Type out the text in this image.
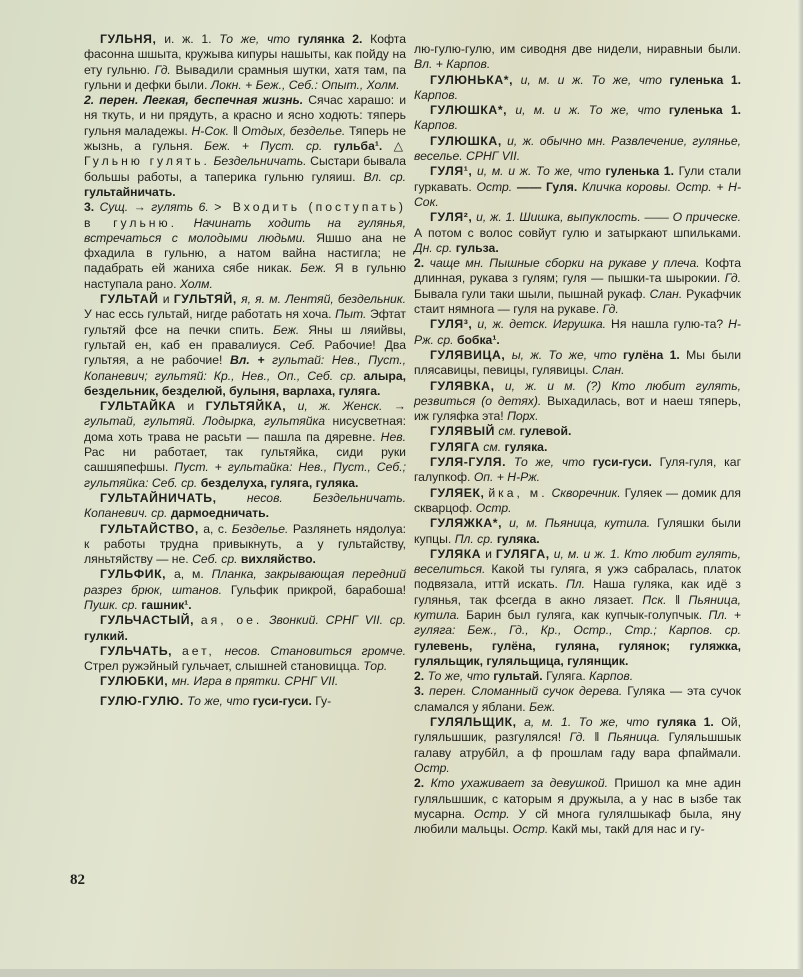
ГУЛЬНЯ, и. ж. 1. То же, что гулянка 2. Кофта фасонна шшыта, кружыва кипуры нашыты, как пойду на ету гульню. Гд. Вывадили срамныя шутки, хатя там, па гульни и дефки были. Локн. + Беж., Себ.: Опыт., Холм.

2. перен. Легкая, беспечная жизнь. Сячас харашо: и ня ткуть, и ни прядуть, а красно и ясно ходють: тяперь гульня маладежы. Н-Сок. ‖ Отдых, безделье. Тяперь не жызнь, а гульня. Беж. + Пуст. ср. гульба¹. △ Гульню гулять. Бездельничать. Сыстари бывала большы работы, а таперика гульню гуляиш. Вл. ср. гультайничать.

3. Сущ. → гулять 6. > Входить (поступать) в гульню. Начинать ходить на гулянья, встречаться с молодыми людьми. Яшшо ана не фхадила в гульню, а натом вайна настигла; не падабрать ей жаниха сябе никак. Беж. Я в гульню наступала рано. Холм.

ГУЛЬТАЙ и ГУЛЬТЯЙ, я, я. м. Лентяй, бездельник. У нас ессь гультай, нигде работать ня хоча. Пыт. Эфтат гультяй фсе на печки спить. Беж. Яны ш ляийвы, гультай ен, каб ен правалиуся. Себ. Рабочие! Два гультяя, а не рабочие! Вл. + гультай: Нев., Пуст., Копаневич; гультяй: Кр., Нев., Оп., Себ. ср. алыра, бездельник, безделюй, булыня, варлаха, гуляга.

ГУЛЬТАЙКА и ГУЛЬТЯЙКА, и, ж. Женск. → гультай, гультяй. Лодырка, гультяйка нисусветная: дома хоть трава не расьти — пашла па дяревне. Нев. Рас ни работает, так гультяйка, сиди руки сашшяпефшы. Пуст. + гультайка: Нев., Пуст., Себ.; гультяйка: Себ. ср. безделуха, гуляга, гуляка.

ГУЛЬТАЙНИЧАТЬ, несов. Бездельничать. Копаневич. ср. дармоедничать.

ГУЛЬТАЙСТВО, а, с. Безделье. Разлянеть нядолуа: к работы трудна привыкнуть, а у гультайству, ляньтяйству — не. Себ. ср. вихляйство.

ГУЛЬФИК, а, м. Планка, закрывающая передний разрез брюк, штанов. Гульфик прикрой, барабоша! Пушк. ср. гашник¹.

ГУЛЬЧАСТЫЙ, ая, ое. Звонкий. СРНГ VII. ср. гулкий.

ГУЛЬЧАТЬ, ает, несов. Становиться громче. Стрел ружэйный гульчает, слышней становицца. Тор.

ГУЛЮБКИ, мн. Игра в прятки. СРНГ VII.

ГУЛЮ-ГУЛЮ. То же, что гуси-гуси. Гу-

лю-гулю-гулю, им сиводня две нидели, ниравныи были. Вл. + Карпов.

ГУЛЮНЬКА*, и, м. и ж. То же, что гуленька 1. Карпов.

ГУЛЮШКА*, и, м. и ж. То же, что гуленька 1. Карпов.

ГУЛЮШКА, и, ж. обычно мн. Развлечение, гулянье, веселье. СРНГ VII.

ГУЛЯ¹, и, м. и ж. То же, что гуленька 1. Гули стали гуркавать. Остр. —— Гуля. Кличка коровы. Остр. + Н-Сок.

ГУЛЯ², и, ж. 1. Шишка, выпуклость. —— О прическе. А потом с волос совйут гулю и затыркают шпильками. Дн. ср. гульза.
2. чаще мн. Пышные сборки на рукаве у плеча. Кофта длинная, рукава з гулям; гуля — пышки-та шырокии. Гд. Бывала гули таки шыли, пышнай рукаф. Слан. Рукафчик стаит нямнога — гуля на рукаве. Гд.

ГУЛЯ³, и, ж. детск. Игрушка. Ня нашла гулю-та? Н-Рж. ср. бобка¹.

ГУЛЯВИЦА, ы, ж. То же, что гулёна 1. Мы были плясавицы, певицы, гулявицы. Слан.

ГУЛЯВКА, и, ж. и м. (?) Кто любит гулять, резвиться (о детях). Выхадилась, вот и наеш тяперь, иж гуляфка эта! Порх.

ГУЛЯВЫЙ см. гулевой.

ГУЛЯГА см. гуляка.

ГУЛЯ-ГУЛЯ. То же, что гуси-гуси. Гуля-гуля, каг галупкоф. Оп. + Н-Рж.

ГУЛЯЕК, йка, м. Скворечник. Гуляек — домик для скварцоф. Остр.

ГУЛЯЖКА*, и, м. Пьяница, кутила. Гуляшки были купцы. Пл. ср. гуляка.

ГУЛЯКА и ГУЛЯГА, и, м. и ж. 1. Кто любит гулять, веселиться. Какой ты гуляга, я ужэ сабралась, платок подвязала, иттй искать. Пл. Наша гуляка, как идё з гулянья, так фсегда в акно лязает. Пск. ‖ Пьяница, кутила. Барин был гуляга, как купчык-голупчык. Пл. + гуляга: Беж., Гд., Кр., Остр., Стр.; Карпов. ср. гулевень, гулёна, гуляна, гулянок; гуляжка, гуляльщик, гуляльщица, гулянщик.
2. То же, что гультай. Гуляга. Карпов.
3. перен. Сломанный сучок дерева. Гуляка — эта сучок сламался у яблани. Беж.

ГУЛЯЛЬЩИК, а, м. 1. То же, что гуляка 1. Ой, гуляльшшик, разгулялся! Гд. ‖ Пьяница. Гуляльшшык галаву атрубйл, а ф прошлам гаду вара фпаймали. Остр.
2. Кто ухаживает за девушкой. Пришол ка мне адин гуляльшшик, с каторым я дружыла, а у нас в ызбе так мусарна. Остр. У сй многа гулялшыкаф была, яну любили мальцы. Остр. Какй мы, такй для нас и гу-

82
